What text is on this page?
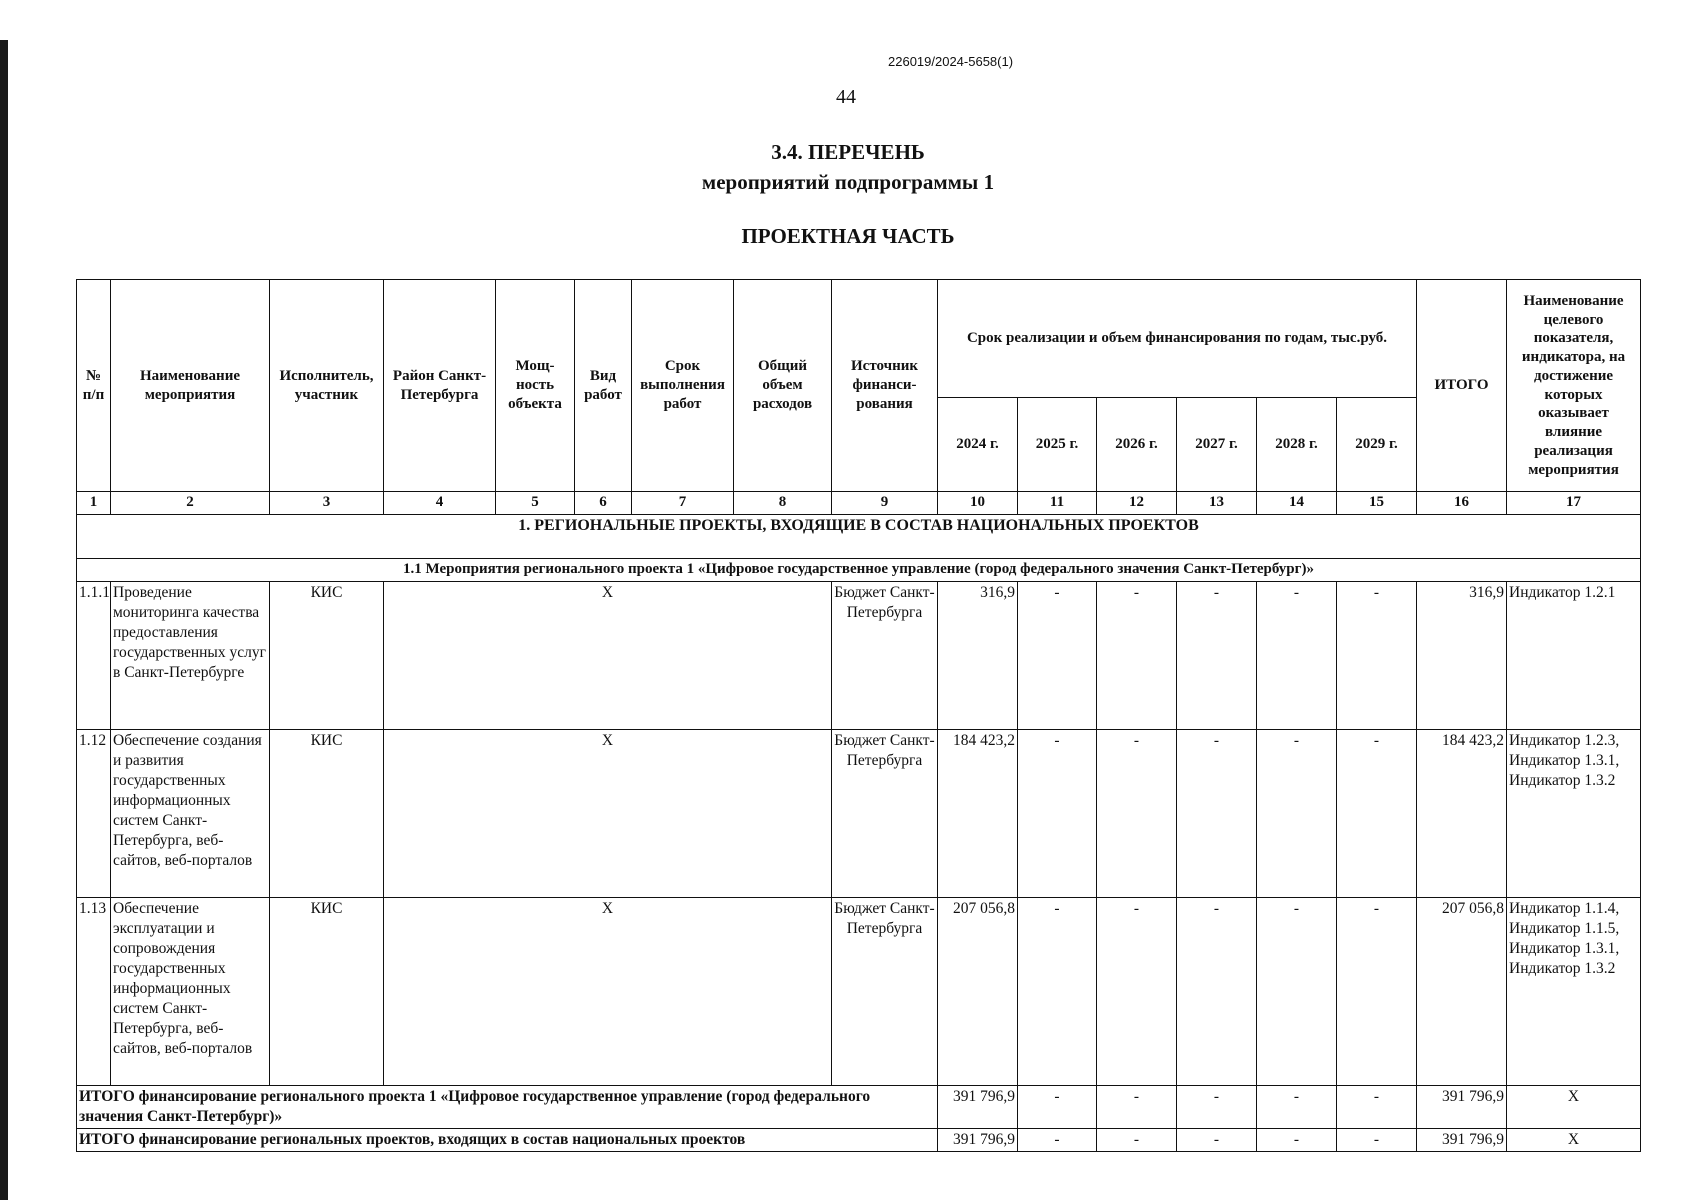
226019/2024-5658(1)
44
3.4. ПЕРЕЧЕНЬ
мероприятий подпрограммы 1
ПРОЕКТНАЯ ЧАСТЬ
№ п/п	Наименование мероприятия	Исполнитель, участник	Район Санкт-Петербурга	Мощ-ность объекта	Вид работ	Срок выполнения работ	Общий объем расходов	Источник финанси-рования	Срок реализации и объем финансирования по годам, тыс.руб.						ИТОГО	Наименование целевого показателя, индикатора, на достижение которых оказывает влияние реализация мероприятия
									2024 г.	2025 г.	2026 г.	2027 г.	2028 г.	2029 г.		
1	2	3	4	5	6	7	8	9	10	11	12	13	14	15	16	17
1. РЕГИОНАЛЬНЫЕ ПРОЕКТЫ, ВХОДЯЩИЕ В СОСТАВ НАЦИОНАЛЬНЫХ ПРОЕКТОВ																
1.1 Мероприятия регионального проекта 1 «Цифровое государственное управление (город федерального значения Санкт-Петербург)»																
1.1.1	Проведение мониторинга качества предоставления государственных услуг в Санкт-Петербурге	КИС	Х					Бюджет Санкт-Петербурга	316,9	-	-	-	-	-	316,9	Индикатор 1.2.1
1.12	Обеспечение создания и развития государственных информационных систем Санкт-Петербурга, веб-сайтов, веб-порталов	КИС	Х					Бюджет Санкт-Петербурга	184 423,2	-	-	-	-	-	184 423,2	Индикатор 1.2.3, Индикатор 1.3.1, Индикатор 1.3.2
1.13	Обеспечение эксплуатации и сопровождения государственных информационных систем Санкт-Петербурга, веб-сайтов, веб-порталов	КИС	Х					Бюджет Санкт-Петербурга	207 056,8	-	-	-	-	-	207 056,8	Индикатор 1.1.4, Индикатор 1.1.5, Индикатор 1.3.1, Индикатор 1.3.2
ИТОГО финансирование регионального проекта 1 «Цифровое государственное управление (город федерального значения Санкт-Петербург)»									391 796,9	-	-	-	-	-	391 796,9	Х
ИТОГО финансирование региональных проектов, входящих в состав национальных проектов									391 796,9	-	-	-	-	-	391 796,9	Х
